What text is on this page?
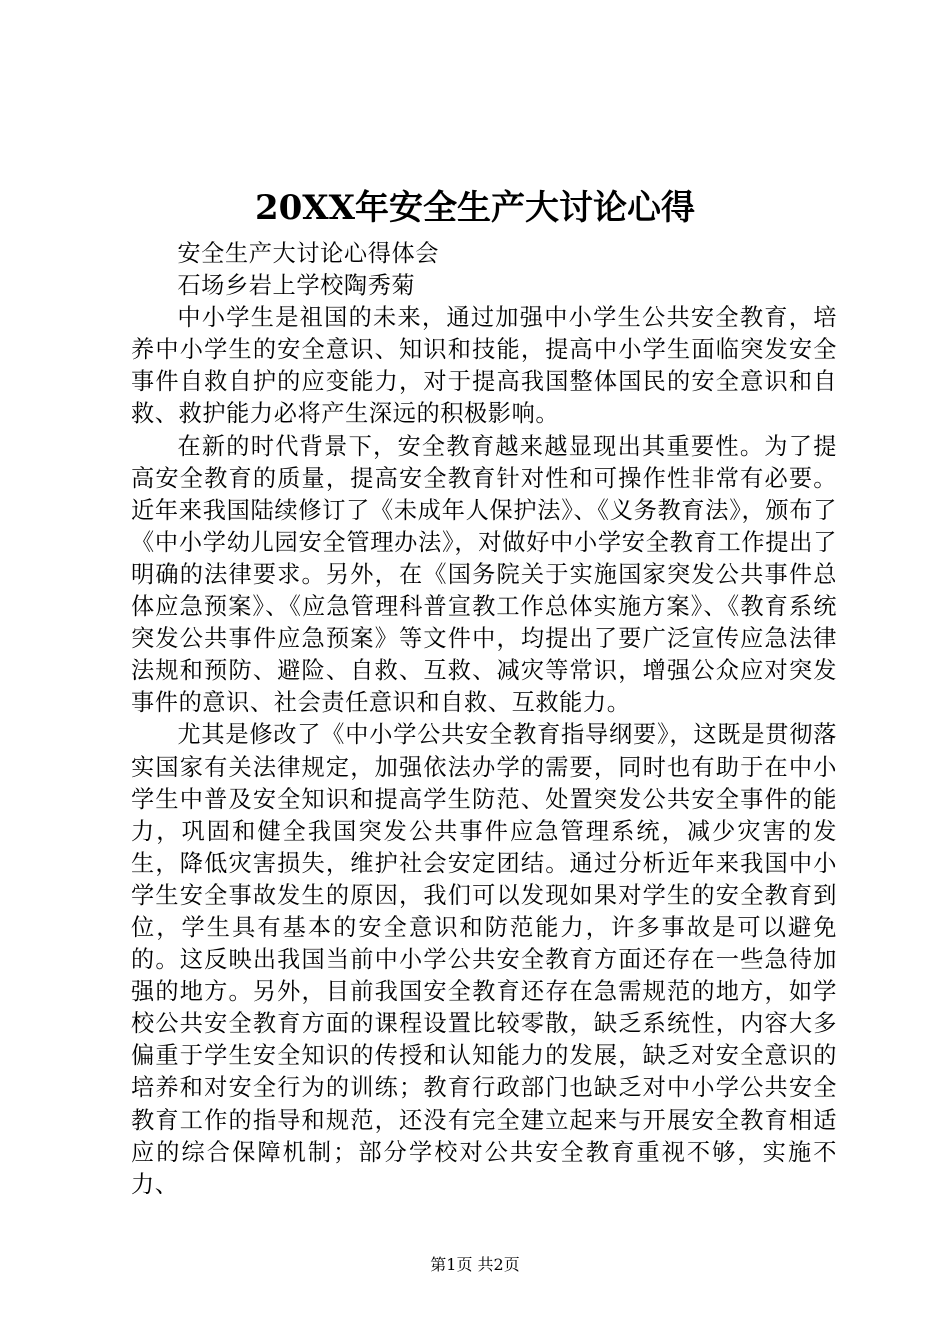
20XX年安全生产大讨论心得

安全生产大讨论心得体会

石场乡岩上学校陶秀菊

中小学生是祖国的未来，通过加强中小学生公共安全教育，培养中小学生的安全意识、知识和技能，提高中小学生面临突发安全事件自救自护的应变能力，对于提高我国整体国民的安全意识和自救、救护能力必将产生深远的积极影响。

在新的时代背景下，安全教育越来越显现出其重要性。为了提高安全教育的质量，提高安全教育针对性和可操作性非常有必要。近年来我国陆续修订了《未成年人保护法》、《义务教育法》，颁布了《中小学幼儿园安全管理办法》，对做好中小学安全教育工作提出了明确的法律要求。另外，在《国务院关于实施国家突发公共事件总体应急预案》、《应急管理科普宣教工作总体实施方案》、《教育系统突发公共事件应急预案》等文件中，均提出了要广泛宣传应急法律法规和预防、避险、自救、互救、减灾等常识，增强公众应对突发事件的意识、社会责任意识和自救、互救能力。

尤其是修改了《中小学公共安全教育指导纲要》，这既是贯彻落实国家有关法律规定，加强依法办学的需要，同时也有助于在中小学生中普及安全知识和提高学生防范、处置突发公共安全事件的能力，巩固和健全我国突发公共事件应急管理系统，减少灾害的发生，降低灾害损失，维护社会安定团结。通过分析近年来我国中小学生安全事故发生的原因，我们可以发现如果对学生的安全教育到位，学生具有基本的安全意识和防范能力，许多事故是可以避免的。这反映出我国当前中小学公共安全教育方面还存在一些急待加强的地方。另外，目前我国安全教育还存在急需规范的地方，如学校公共安全教育方面的课程设置比较零散，缺乏系统性，内容大多偏重于学生安全知识的传授和认知能力的发展，缺乏对安全意识的培养和对安全行为的训练；教育行政部门也缺乏对中小学公共安全教育工作的指导和规范，还没有完全建立起来与开展安全教育相适应的综合保障机制；部分学校对公共安全教育重视不够，实施不力、

第1页 共2页
